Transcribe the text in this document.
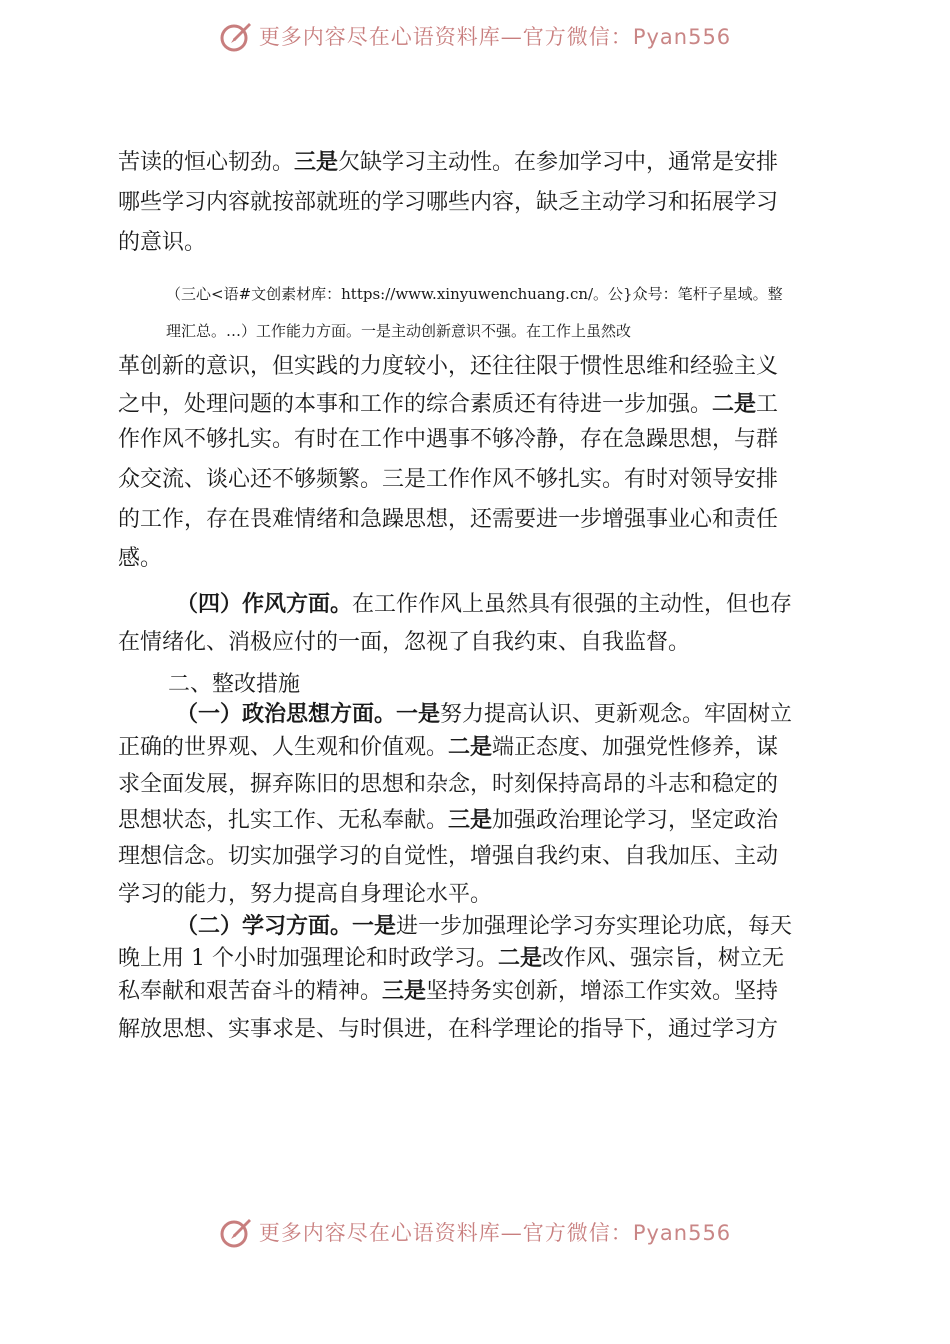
更多内容尽在心语资料库—官方微信：Pyan556
苦读的恒心韧劲。三是欠缺学习主动性。在参加学习中，通常是安排
哪些学习内容就按部就班的学习哪些内容，缺乏主动学习和拓展学习
的意识。
（三心<语#文创素材库：https://www.xinyuwenchuang.cn/。公}众号：笔杆子星域。整
理汇总。…）工作能力方面。一是主动创新意识不强。在工作上虽然改
革创新的意识，但实践的力度较小，还往往限于惯性思维和经验主义
之中，处理问题的本事和工作的综合素质还有待进一步加强。二是工
作作风不够扎实。有时在工作中遇事不够冷静，存在急躁思想，与群
众交流、谈心还不够频繁。三是工作作风不够扎实。有时对领导安排
的工作，存在畏难情绪和急躁思想，还需要进一步增强事业心和责任
感。
（四）作风方面。在工作作风上虽然具有很强的主动性，但也存
在情绪化、消极应付的一面，忽视了自我约束、自我监督。
二、整改措施
（一）政治思想方面。一是努力提高认识、更新观念。牢固树立
正确的世界观、人生观和价值观。二是端正态度、加强党性修养，谋
求全面发展，摒弃陈旧的思想和杂念，时刻保持高昂的斗志和稳定的
思想状态，扎实工作、无私奉献。三是加强政治理论学习，坚定政治
理想信念。切实加强学习的自觉性，增强自我约束、自我加压、主动
学习的能力，努力提高自身理论水平。
（二）学习方面。一是进一步加强理论学习夯实理论功底，每天
晚上用 1 个小时加强理论和时政学习。二是改作风、强宗旨，树立无
私奉献和艰苦奋斗的精神。三是坚持务实创新，增添工作实效。坚持
解放思想、实事求是、与时俱进，在科学理论的指导下，通过学习方
更多内容尽在心语资料库—官方微信：Pyan556
